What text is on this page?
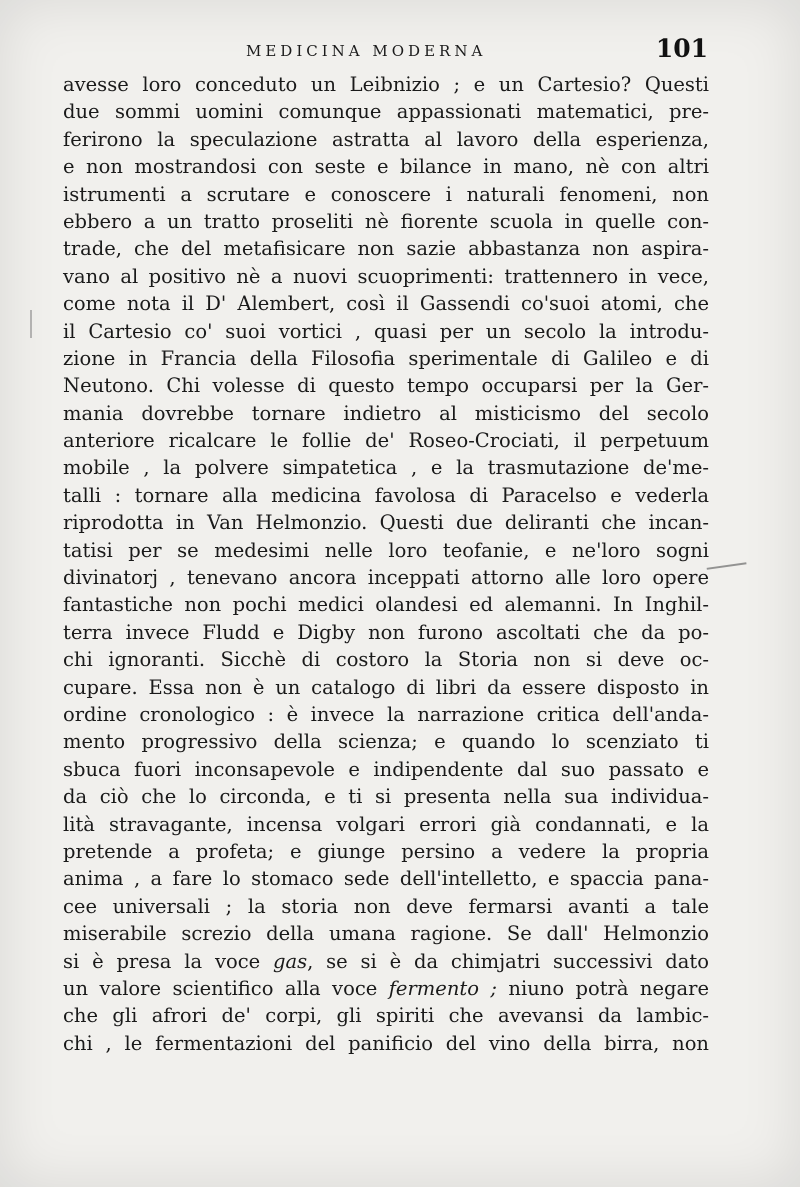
MEDICINA MODERNA	101
avesse loro conceduto un Leibnizio ; e un Cartesio? Questi
due sommi uomini comunque appassionati matematici, pre-
ferirono la speculazione astratta al lavoro della esperienza,
e non mostrandosi con seste e bilance in mano, nè con altri
istrumenti a scrutare e conoscere i naturali fenomeni, non
ebbero a un tratto proseliti nè fiorente scuola in quelle con-
trade, che del metafisicare non sazie abbastanza non aspira-
vano al positivo nè a nuovi scuoprimenti: trattennero in vece,
come nota il D' Alembert, così il Gassendi co'suoi atomi, che
il Cartesio co' suoi vortici , quasi per un secolo la introdu-
zione in Francia della Filosofia sperimentale di Galileo e di
Neutono. Chi volesse di questo tempo occuparsi per la Ger-
mania dovrebbe tornare indietro al misticismo del secolo
anteriore ricalcare le follie de' Roseo-Crociati, il perpetuum
mobile , la polvere simpatetica , e la trasmutazione de'me-
talli : tornare alla medicina favolosa di Paracelso e vederla
riprodotta in Van Helmonzio. Questi due deliranti che incan-
tatisi per se medesimi nelle loro teofanie, e ne'loro sogni
divinatorj , tenevano ancora inceppati attorno alle loro opere
fantastiche non pochi medici olandesi ed alemanni. In Inghil-
terra invece Fludd e Digby non furono ascoltati che da po-
chi ignoranti. Sicchè di costoro la Storia non si deve oc-
cupare. Essa non è un catalogo di libri da essere disposto in
ordine cronologico : è invece la narrazione critica dell'anda-
mento progressivo della scienza; e quando lo scenziato ti
sbuca fuori inconsapevole e indipendente dal suo passato e
da ciò che lo circonda, e ti si presenta nella sua individua-
lità stravagante, incensa volgari errori già condannati, e la
pretende a profeta; e giunge persino a vedere la propria
anima , a fare lo stomaco sede dell'intelletto, e spaccia pana-
cee universali ; la storia non deve fermarsi avanti a tale
miserabile screzio della umana ragione. Se dall' Helmonzio
si è presa la voce gas, se si è da chimjatri successivi dato
un valore scientifico alla voce fermento ; niuno potrà negare
che gli afrori de' corpi, gli spiriti che avevansi da lambic-
chi , le fermentazioni del panificio del vino della birra, non
